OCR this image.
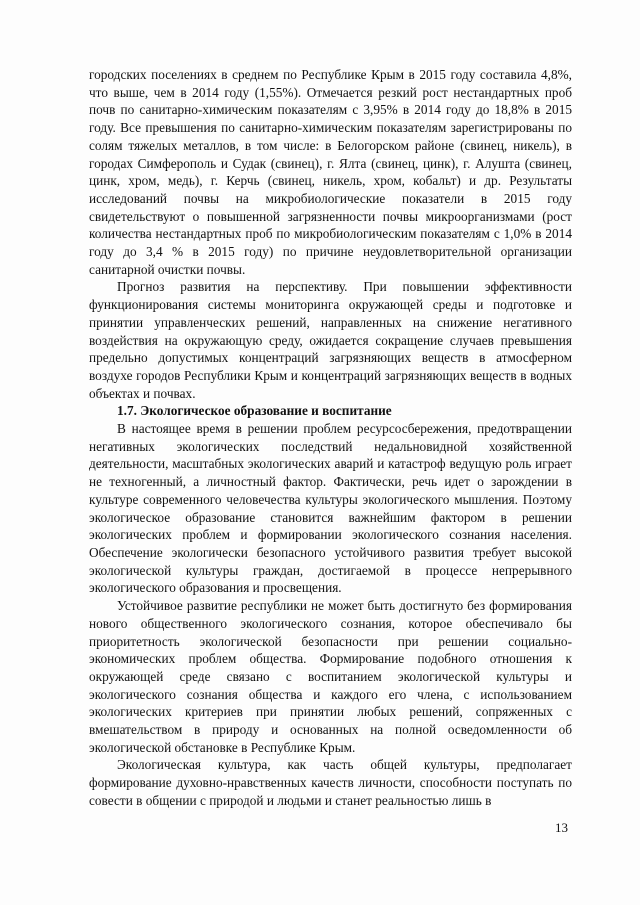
городских поселениях в среднем по Республике Крым в 2015 году составила 4,8%, что выше, чем в 2014 году (1,55%). Отмечается резкий рост нестандартных проб почв по санитарно-химическим показателям с 3,95% в 2014 году до 18,8% в 2015 году. Все превышения по санитарно-химическим показателям зарегистрированы по солям тяжелых металлов, в том числе: в Белогорском районе (свинец, никель), в городах Симферополь и Судак (свинец), г. Ялта (свинец, цинк), г. Алушта (свинец, цинк, хром, медь), г. Керчь (свинец, никель, хром, кобальт) и др. Результаты исследований почвы на микробиологические показатели в 2015 году свидетельствуют о повышенной загрязненности почвы микроорганизмами (рост количества нестандартных проб по микробиологическим показателям с 1,0% в 2014 году до 3,4 % в 2015 году) по причине неудовлетворительной организации санитарной очистки почвы.

Прогноз развития на перспективу. При повышении эффективности функционирования системы мониторинга окружающей среды и подготовке и принятии управленческих решений, направленных на снижение негативного воздействия на окружающую среду, ожидается сокращение случаев превышения предельно допустимых концентраций загрязняющих веществ в атмосферном воздухе городов Республики Крым и концентраций загрязняющих веществ в водных объектах и почвах.

1.7. Экологическое образование и воспитание

В настоящее время в решении проблем ресурсосбережения, предотвращении негативных экологических последствий недальновидной хозяйственной деятельности, масштабных экологических аварий и катастроф ведущую роль играет не техногенный, а личностный фактор. Фактически, речь идет о зарождении в культуре современного человечества культуры экологического мышления. Поэтому экологическое образование становится важнейшим фактором в решении экологических проблем и формировании экологического сознания населения. Обеспечение экологически безопасного устойчивого развития требует высокой экологической культуры граждан, достигаемой в процессе непрерывного экологического образования и просвещения.

Устойчивое развитие республики не может быть достигнуто без формирования нового общественного экологического сознания, которое обеспечивало бы приоритетность экологической безопасности при решении социально-экономических проблем общества. Формирование подобного отношения к окружающей среде связано с воспитанием экологической культуры и экологического сознания общества и каждого его члена, с использованием экологических критериев при принятии любых решений, сопряженных с вмешательством в природу и основанных на полной осведомленности об экологической обстановке в Республике Крым.

Экологическая культура, как часть общей культуры, предполагает формирование духовно-нравственных качеств личности, способности поступать по совести в общении с природой и людьми и станет реальностью лишь в

13
